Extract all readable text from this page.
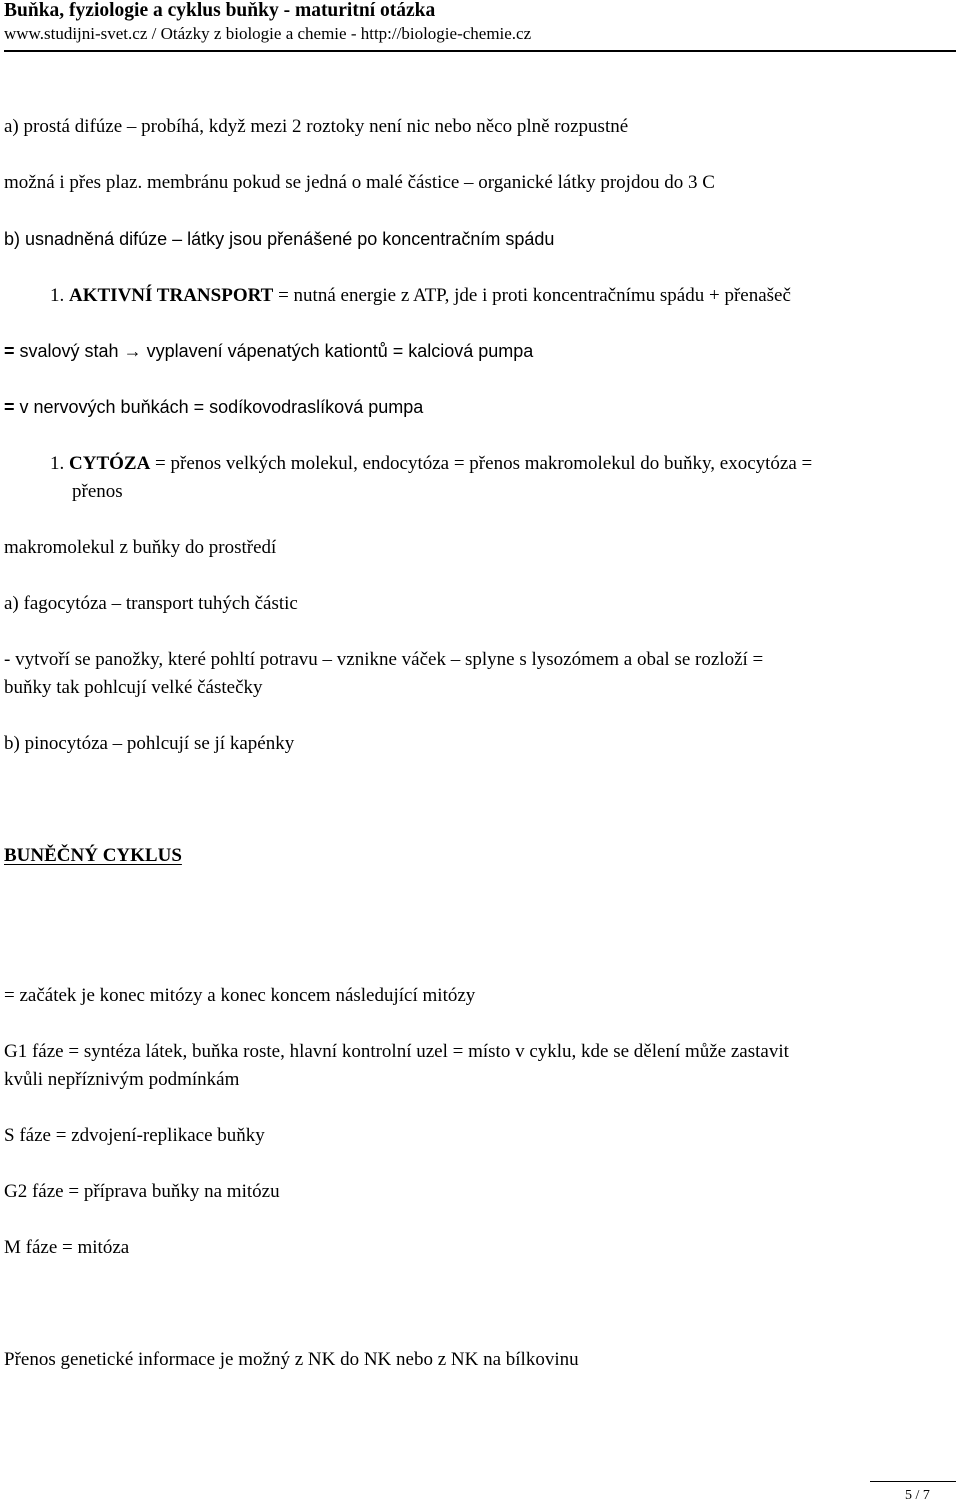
Buňka, fyziologie a cyklus buňky - maturitní otázka
www.studijni-svet.cz / Otázky z biologie a chemie - http://biologie-chemie.cz
a) prostá difúze – probíhá, když mezi 2 roztoky není nic nebo něco plně rozpustné
možná i přes plaz. membránu pokud se jedná o malé částice – organické látky projdou do 3 C
b) usnadněná difúze – látky jsou přenášené po koncentračním spádu
1. AKTIVNÍ TRANSPORT = nutná energie z ATP, jde i proti koncentračnímu spádu + přenašeč
= svalový stah → vyplavení vápenatých kationtů = kalciová pumpa
= v nervových buňkách = sodíkovodraslíková pumpa
1. CYTÓZA = přenos velkých molekul, endocytóza = přenos makromolekul do buňky, exocytóza =
přenos
makromolekul z buňky do prostředí
a) fagocytóza – transport tuhých částic
- vytvoří se panožky, které pohltí potravu – vznikne váček – splyne s lysozómem a obal se rozloží =
buňky tak pohlcují velké částečky
b) pinocytóza – pohlcují se jí kapénky
BUNĚČNÝ CYKLUS
= začátek je konec mitózy a konec koncem následující mitózy
G1 fáze = syntéza látek, buňka roste, hlavní kontrolní uzel = místo v cyklu, kde se dělení může zastavit
kvůli nepříznivým podmínkám
S fáze = zdvojení-replikace buňky
G2 fáze = příprava buňky na mitózu
M fáze = mitóza
Přenos genetické informace je možný z NK do NK nebo z NK na bílkovinu
5 / 7
